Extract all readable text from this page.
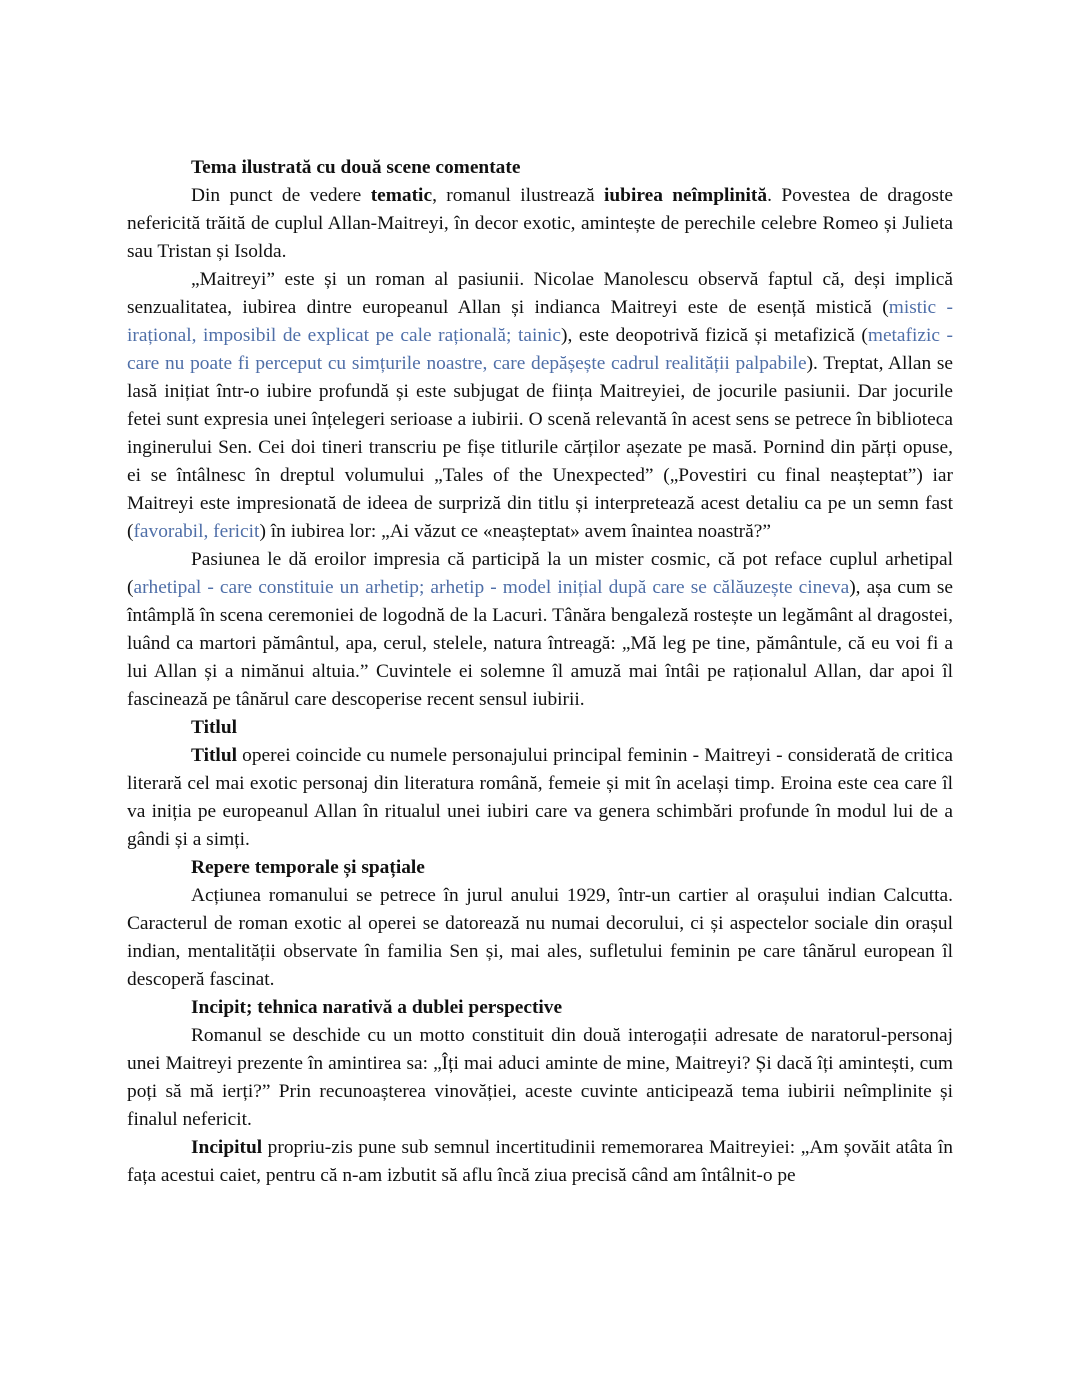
Tema ilustrată cu două scene comentate

Din punct de vedere tematic, romanul ilustrează iubirea neîmplinită. Povestea de dragoste nefericită trăită de cuplul Allan-Maitreyi, în decor exotic, amintește de perechile celebre Romeo și Julieta sau Tristan și Isolda.

„Maitreyi” este și un roman al pasiunii. Nicolae Manolescu observă faptul că, deși implică senzualitatea, iubirea dintre europeanul Allan și indianca Maitreyi este de esență mistică (mistic - irațional, imposibil de explicat pe cale rațională; tainic), este deopotrivă fizică și metafizică (metafizic - care nu poate fi perceput cu simțurile noastre, care depășește cadrul realității palpabile). Treptat, Allan se lasă inițiat într-o iubire profundă și este subjugat de ființa Maitreyiei, de jocurile pasiunii. Dar jocurile fetei sunt expresia unei înțelegeri serioase a iubirii. O scenă relevantă în acest sens se petrece în biblioteca inginerului Sen. Cei doi tineri transcriu pe fișe titlurile cărților așezate pe masă. Pornind din părți opuse, ei se întâlnesc în dreptul volumului „Tales of the Unexpected” („Povestiri cu final neașteptat”) iar Maitreyi este impresionată de ideea de surpriză din titlu și interpretează acest detaliu ca pe un semn fast (favorabil, fericit) în iubirea lor: „Ai văzut ce «neașteptat» avem înaintea noastră?”

Pasiunea le dă eroilor impresia că participă la un mister cosmic, că pot reface cuplul arhetipal (arhetipal - care constituie un arhetip; arhetip - model inițial după care se călăuzește cineva), așa cum se întâmplă în scena ceremoniei de logodnă de la Lacuri. Tânăra bengaleză rostește un legământ al dragostei, luând ca martori pământul, apa, cerul, stelele, natura întreagă: „Mă leg pe tine, pământule, că eu voi fi a lui Allan și a nimănui altuia.” Cuvintele ei solemne îl amuză mai întâi pe raționalul Allan, dar apoi îl fascinează pe tânărul care descoperise recent sensul iubirii.

Titlul

Titlul operei coincide cu numele personajului principal feminin - Maitreyi - considerată de critica literară cel mai exotic personaj din literatura română, femeie și mit în același timp. Eroina este cea care îl va iniția pe europeanul Allan în ritualul unei iubiri care va genera schimbări profunde în modul lui de a gândi și a simți.

Repere temporale și spațiale

Acțiunea romanului se petrece în jurul anului 1929, într-un cartier al orașului indian Calcutta. Caracterul de roman exotic al operei se datorează nu numai decorului, ci și aspectelor sociale din orașul indian, mentalității observate în familia Sen și, mai ales, sufletului feminin pe care tânărul european îl descoperă fascinat.

Incipit; tehnica narativă a dublei perspective

Romanul se deschide cu un motto constituit din două interogații adresate de naratorul-personaj unei Maitreyi prezente în amintirea sa: „Îți mai aduci aminte de mine, Maitreyi? Și dacă îți amintești, cum poți să mă ierți?” Prin recunoașterea vinovăției, aceste cuvinte anticipează tema iubirii neîmplinite și finalul nefericit.

Incipitul propriu-zis pune sub semnul incertitudinii rememorarea Maitreyiei: „Am șovăit atâta în fața acestui caiet, pentru că n-am izbutit să aflu încă ziua precisă când am întâlnit-o pe
